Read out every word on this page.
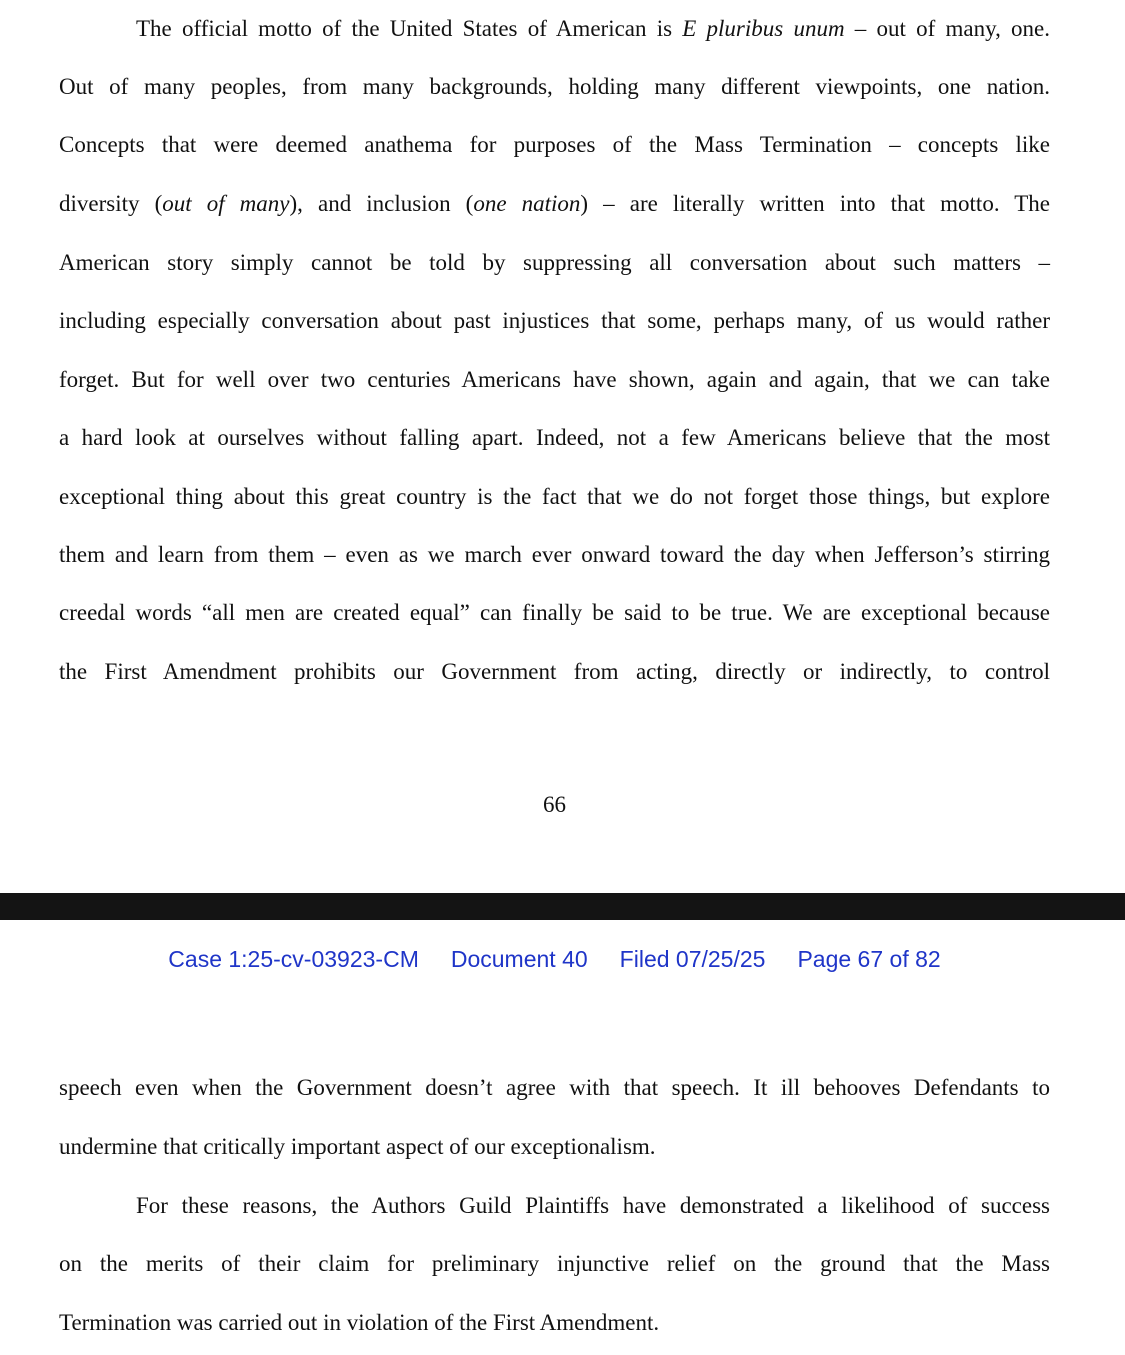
The official motto of the United States of American is E pluribus unum – out of many, one.
Out of many peoples, from many backgrounds, holding many different viewpoints, one nation.
Concepts that were deemed anathema for purposes of the Mass Termination – concepts like
diversity (out of many), and inclusion (one nation) – are literally written into that motto. The
American story simply cannot be told by suppressing all conversation about such matters –
including especially conversation about past injustices that some, perhaps many, of us would rather
forget. But for well over two centuries Americans have shown, again and again, that we can take
a hard look at ourselves without falling apart. Indeed, not a few Americans believe that the most
exceptional thing about this great country is the fact that we do not forget those things, but explore
them and learn from them – even as we march ever onward toward the day when Jefferson’s stirring
creedal words “all men are created equal” can finally be said to be true. We are exceptional because
the First Amendment prohibits our Government from acting, directly or indirectly, to control
66
Case 1:25-cv-03923-CM Document 40 Filed 07/25/25 Page 67 of 82
speech even when the Government doesn’t agree with that speech. It ill behooves Defendants to
undermine that critically important aspect of our exceptionalism.
For these reasons, the Authors Guild Plaintiffs have demonstrated a likelihood of success
on the merits of their claim for preliminary injunctive relief on the ground that the Mass
Termination was carried out in violation of the First Amendment.
